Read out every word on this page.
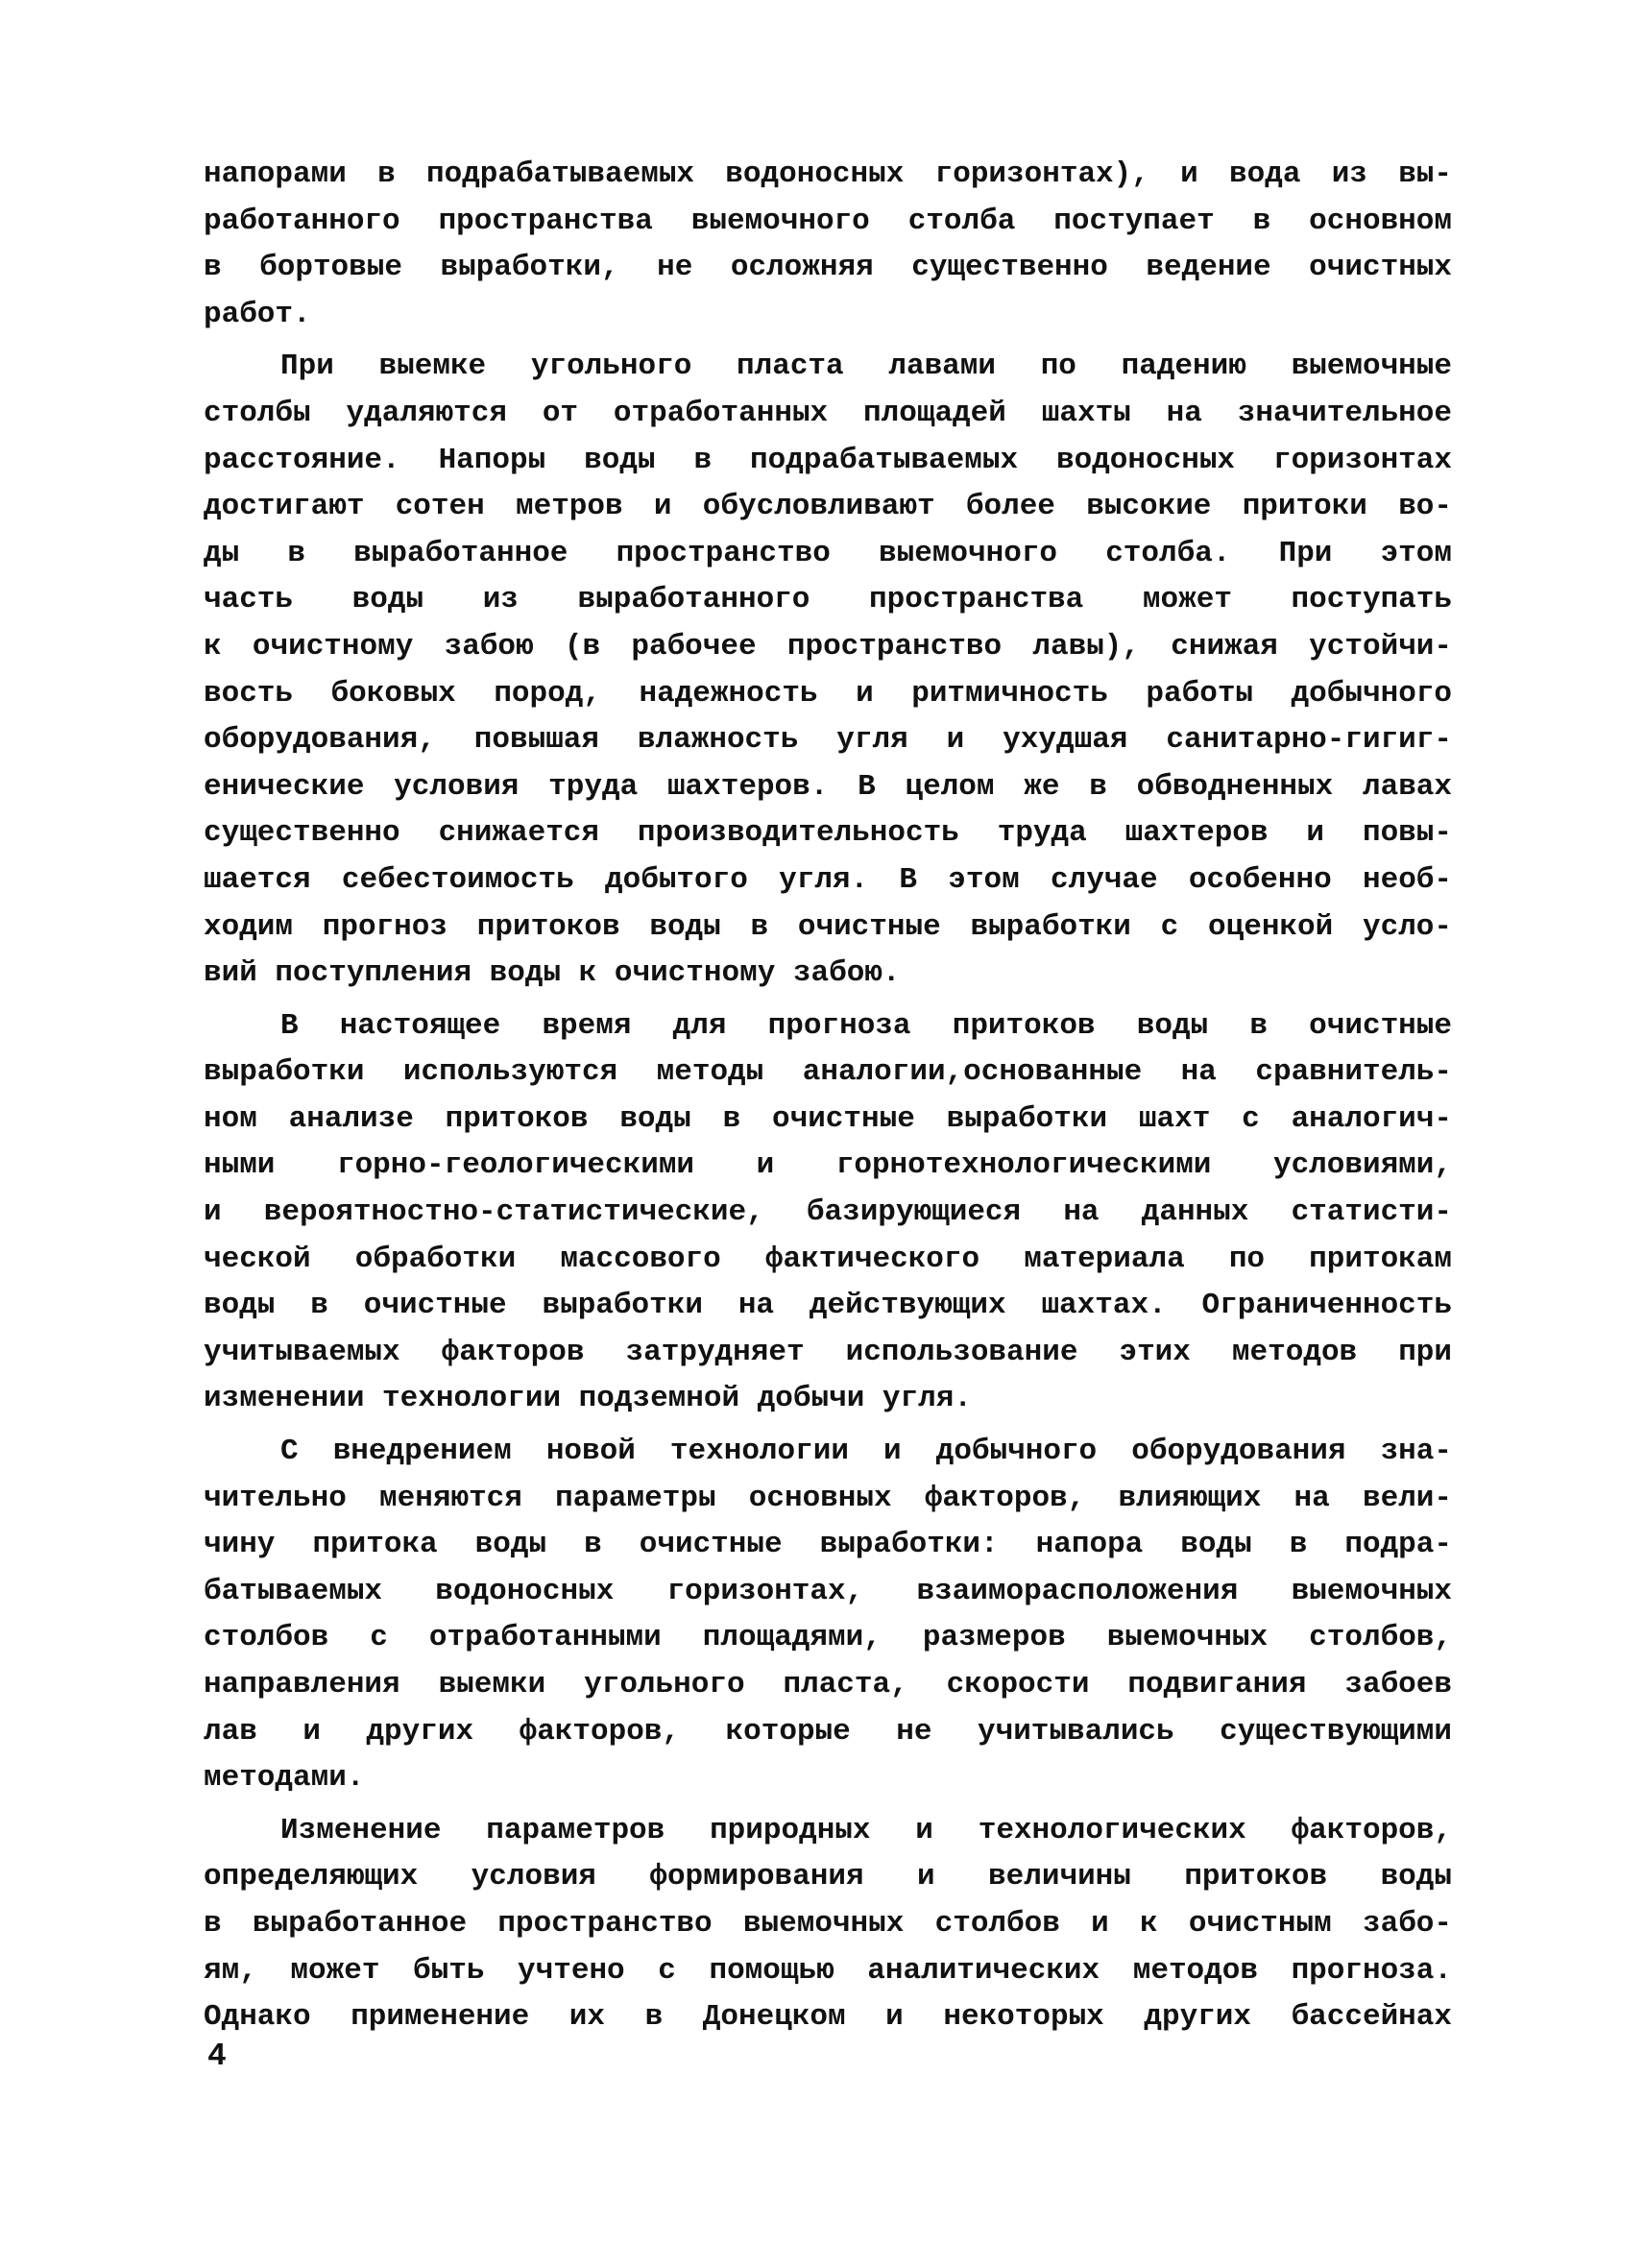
напорами в подрабатываемых водоносных горизонтах), и вода из вы-
работанного пространства выемочного столба поступает в основном
в бортовые выработки, не осложняя существенно ведение очистных
работ.
При выемке угольного пласта лавами по падению выемочные
столбы удаляются от отработанных площадей шахты на значительное
расстояние. Напоры воды в подрабатываемых водоносных горизонтах
достигают сотен метров и обусловливают более высокие притоки во-
ды в выработанное пространство выемочного столба. При этом
часть воды из выработанного пространства может поступать
к очистному забою (в рабочее пространство лавы), снижая устойчи-
вость боковых пород, надежность и ритмичность работы добычного
оборудования, повышая влажность угля и ухудшая санитарно-гигиг-
енические условия труда шахтеров. В целом же в обводненных лавах
существенно снижается производительность труда шахтеров и повы-
шается себестоимость добытого угля. В этом случае особенно необ-
ходим прогноз притоков воды в очистные выработки с оценкой усло-
вий поступления воды к очистному забою.
В настоящее время для прогноза притоков воды в очистные
выработки используются методы аналогии,основанные на сравнитель-
ном анализе притоков воды в очистные выработки шахт с аналогич-
ными горно-геологическими и горнотехнологическими условиями,
и вероятностно-статистические, базирующиеся на данных статисти-
ческой обработки массового фактического материала по притокам
воды в очистные выработки на действующих шахтах. Ограниченность
учитываемых факторов затрудняет использование этих методов при
изменении технологии подземной добычи угля.
С внедрением новой технологии и добычного оборудования зна-
чительно меняются параметры основных факторов, влияющих на вели-
чину притока воды в очистные выработки: напора воды в подра-
батываемых водоносных горизонтах, взаиморасположения выемочных
столбов с отработанными площадями, размеров выемочных столбов,
направления выемки угольного пласта, скорости подвигания забоев
лав и других факторов, которые не учитывались существующими
методами.
Изменение параметров природных и технологических факторов,
определяющих условия формирования и величины притоков воды
в выработанное пространство выемочных столбов и к очистным забо-
ям, может быть учтено с помощью аналитических методов прогноза.
Однако применение их в Донецком и некоторых других бассейнах
4
